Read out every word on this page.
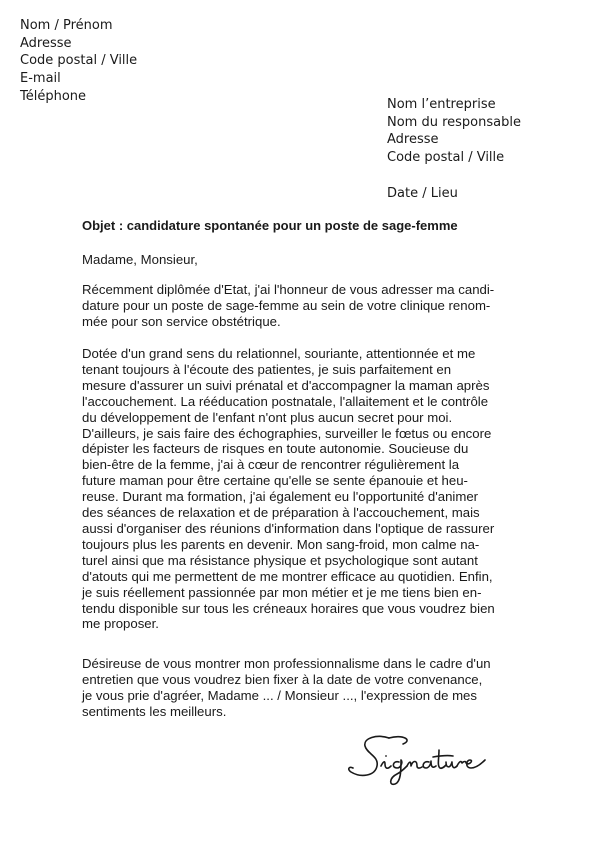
Nom / Prénom
Adresse
Code postal / Ville
E-mail
Téléphone
Nom l’entreprise
Nom du responsable
Adresse
Code postal / Ville
Date / Lieu
Objet : candidature spontanée pour un poste de sage-femme
Madame, Monsieur,
Récemment diplômée d'Etat, j'ai l'honneur de vous adresser ma candi-
dature pour un poste de sage-femme au sein de votre clinique renom-
mée pour son service obstétrique.
Dotée d'un grand sens du relationnel, souriante, attentionnée et me
tenant toujours à l'écoute des patientes, je suis parfaitement en
mesure d'assurer un suivi prénatal et d'accompagner la maman après
l'accouchement. La rééducation postnatale, l'allaitement et le contrôle
du développement de l'enfant n'ont plus aucun secret pour moi.
D'ailleurs, je sais faire des échographies, surveiller le fœtus ou encore
dépister les facteurs de risques en toute autonomie. Soucieuse du
bien-être de la femme, j'ai à cœur de rencontrer régulièrement la
future maman pour être certaine qu'elle se sente épanouie et heu-
reuse. Durant ma formation, j'ai également eu l'opportunité d'animer
des séances de relaxation et de préparation à l'accouchement, mais
aussi d'organiser des réunions d'information dans l'optique de rassurer
toujours plus les parents en devenir. Mon sang-froid, mon calme na-
turel ainsi que ma résistance physique et psychologique sont autant
d'atouts qui me permettent de me montrer efficace au quotidien. Enfin,
je suis réellement passionnée par mon métier et je me tiens bien en-
tendu disponible sur tous les créneaux horaires que vous voudrez bien
me proposer.
Désireuse de vous montrer mon professionnalisme dans le cadre d'un
entretien que vous voudrez bien fixer à la date de votre convenance,
je vous prie d'agréer, Madame ... / Monsieur ..., l'expression de mes
sentiments les meilleurs.
